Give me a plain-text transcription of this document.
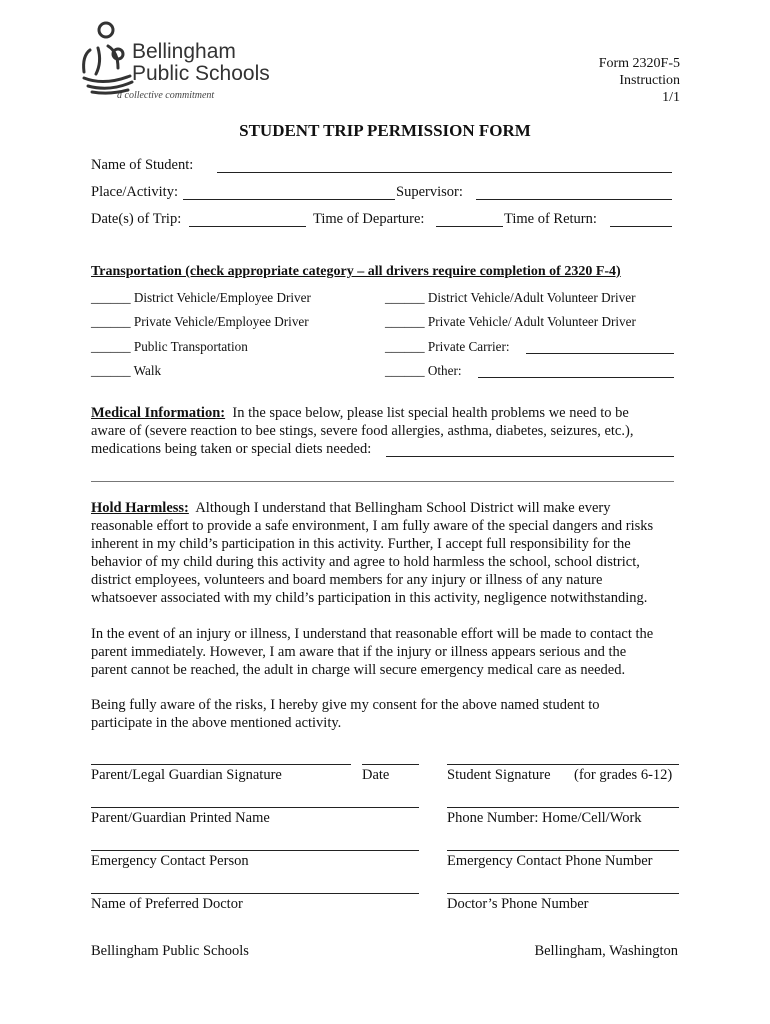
Bellingham
Public Schools
a collective commitment
Form 2320F-5
Instruction
1/1
STUDENT TRIP PERMISSION FORM
Name of Student:
Place/Activity:	Supervisor:
Date(s) of Trip:	Time of Departure:	Time of Return:
Transportation (check appropriate category – all drivers require completion of 2320 F-4)
______ District Vehicle/Employee Driver	______ District Vehicle/Adult Volunteer Driver
______ Private Vehicle/Employee Driver	______ Private Vehicle/ Adult Volunteer Driver
______ Public Transportation	______ Private Carrier:
______ Walk	______ Other:
Medical Information: In the space below, please list special health problems we need to be
aware of (severe reaction to bee stings, severe food allergies, asthma, diabetes, seizures, etc.),
medications being taken or special diets needed:
Hold Harmless: Although I understand that Bellingham School District will make every
reasonable effort to provide a safe environment, I am fully aware of the special dangers and risks
inherent in my child’s participation in this activity. Further, I accept full responsibility for the
behavior of my child during this activity and agree to hold harmless the school, school district,
district employees, volunteers and board members for any injury or illness of any nature
whatsoever associated with my child’s participation in this activity, negligence notwithstanding.
In the event of an injury or illness, I understand that reasonable effort will be made to contact the
parent immediately. However, I am aware that if the injury or illness appears serious and the
parent cannot be reached, the adult in charge will secure emergency medical care as needed.
Being fully aware of the risks, I hereby give my consent for the above named student to
participate in the above mentioned activity.
Parent/Legal Guardian Signature	Date	Student Signature (for grades 6-12)
Parent/Guardian Printed Name	Phone Number: Home/Cell/Work
Emergency Contact Person	Emergency Contact Phone Number
Name of Preferred Doctor	Doctor’s Phone Number
Bellingham Public Schools	Bellingham, Washington
